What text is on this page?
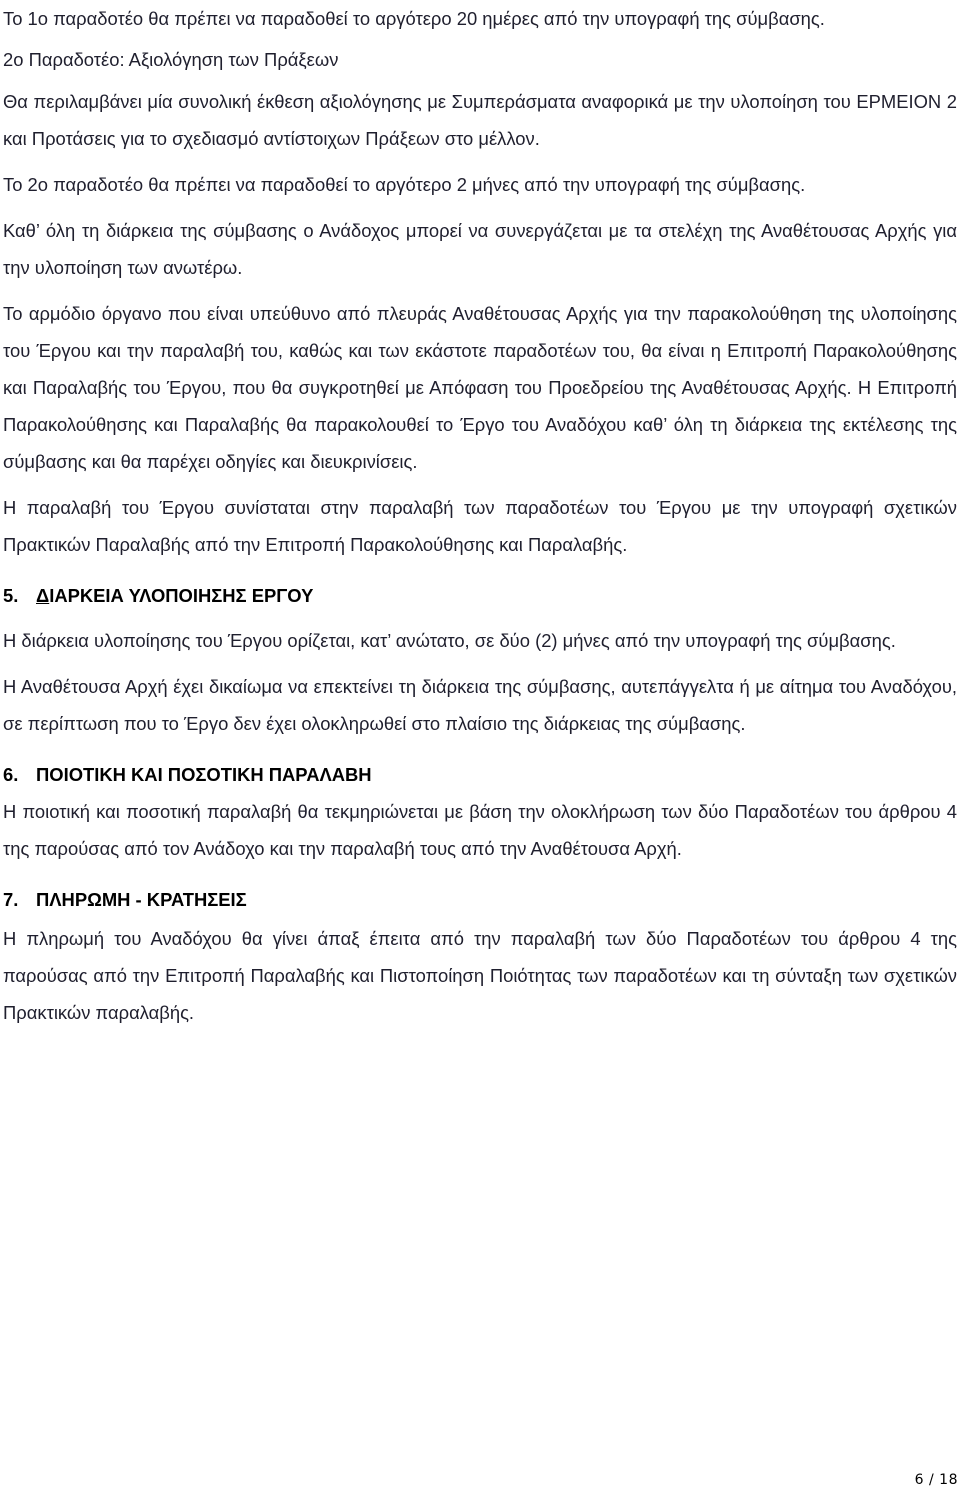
Το 1ο παραδοτέο θα πρέπει να παραδοθεί το αργότερο 20 ημέρες από την υπογραφή της σύμβασης.

2ο Παραδοτέο: Αξιολόγηση των Πράξεων

Θα περιλαμβάνει μία συνολική έκθεση αξιολόγησης με Συμπεράσματα αναφορικά με την υλοποίηση του ΕΡΜΕΙΟΝ 2 και Προτάσεις για το σχεδιασμό αντίστοιχων Πράξεων στο μέλλον.

Το 2ο παραδοτέο θα πρέπει να παραδοθεί το αργότερο 2 μήνες από την υπογραφή της σύμβασης.

Καθ’ όλη τη διάρκεια της σύμβασης ο Ανάδοχος μπορεί να συνεργάζεται με τα στελέχη της Αναθέτουσας Αρχής για την υλοποίηση των ανωτέρω.

Το αρμόδιο όργανο που είναι υπεύθυνο από πλευράς Αναθέτουσας Αρχής για την παρακολούθηση της υλοποίησης του Έργου και την παραλαβή του, καθώς και των εκάστοτε παραδοτέων του, θα είναι η Επιτροπή Παρακολούθησης και Παραλαβής του Έργου, που θα συγκροτηθεί με Απόφαση του Προεδρείου της Αναθέτουσας Αρχής. Η Επιτροπή Παρακολούθησης και Παραλαβής θα παρακολουθεί το Έργο του Αναδόχου καθ’ όλη τη διάρκεια της εκτέλεσης της σύμβασης και θα παρέχει οδηγίες και διευκρινίσεις.

Η παραλαβή του Έργου συνίσταται στην παραλαβή των παραδοτέων του Έργου με την υπογραφή σχετικών Πρακτικών Παραλαβής από την Επιτροπή Παρακολούθησης και Παραλαβής.

5. ΔΙΑΡΚΕΙΑ ΥΛΟΠΟΙΗΣΗΣ ΕΡΓΟΥ

Η διάρκεια υλοποίησης του Έργου ορίζεται, κατ’ ανώτατο, σε δύο (2) μήνες από την υπογραφή της σύμβασης.

Η Αναθέτουσα Αρχή έχει δικαίωμα να επεκτείνει τη διάρκεια της σύμβασης, αυτεπάγγελτα ή με αίτημα του Αναδόχου, σε περίπτωση που το Έργο δεν έχει ολοκληρωθεί στο πλαίσιο της διάρκειας της σύμβασης.

6. ΠΟΙΟΤΙΚΗ ΚΑΙ ΠΟΣΟΤΙΚΗ ΠΑΡΑΛΑΒΗ

Η ποιοτική και ποσοτική παραλαβή θα τεκμηριώνεται με βάση την ολοκλήρωση των δύο Παραδοτέων του άρθρου 4 της παρούσας από τον Ανάδοχο και την παραλαβή τους από την Αναθέτουσα Αρχή.

7. ΠΛΗΡΩΜΗ - ΚΡΑΤΗΣΕΙΣ

Η πληρωμή του Αναδόχου θα γίνει άπαξ έπειτα από την παραλαβή των δύο Παραδοτέων του άρθρου 4 της παρούσας από την Επιτροπή Παραλαβής και Πιστοποίηση Ποιότητας των παραδοτέων και τη σύνταξη των σχετικών Πρακτικών παραλαβής.

6 / 18
